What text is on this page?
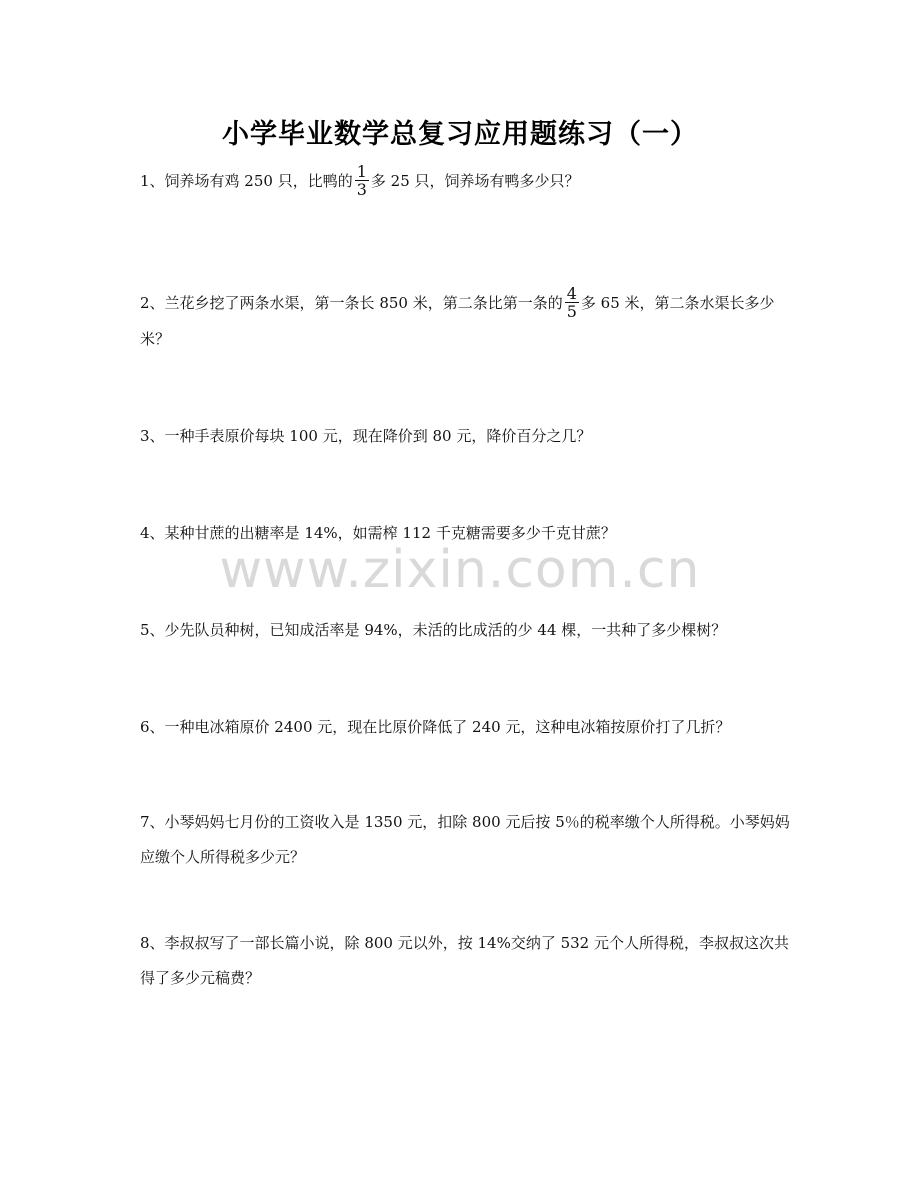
www.zixin.com.cn
小学毕业数学总复习应用题练习（一）
1、饲养场有鸡 250 只，比鸭的 $\frac{1}{3}$ 多 25 只，饲养场有鸭多少只？
2、兰花乡挖了两条水渠，第一条长 850 米，第二条比第一条的 $\frac{4}{5}$ 多 65 米，第二条水渠长多少米？
3、一种手表原价每块 100 元，现在降价到 80 元，降价百分之几？
4、某种甘蔗的出糖率是 14%，如需榨 112 千克糖需要多少千克甘蔗？
5、少先队员种树，已知成活率是 94%，未活的比成活的少 44 棵，一共种了多少棵树？
6、一种电冰箱原价 2400 元，现在比原价降低了 240 元，这种电冰箱按原价打了几折？
7、小琴妈妈七月份的工资收入是 1350 元，扣除 800 元后按 5％的税率缴个人所得税。小琴妈妈应缴个人所得税多少元？
8、李叔叔写了一部长篇小说，除 800 元以外，按 14%交纳了 532 元个人所得税，李叔叔这次共得了多少元稿费？
